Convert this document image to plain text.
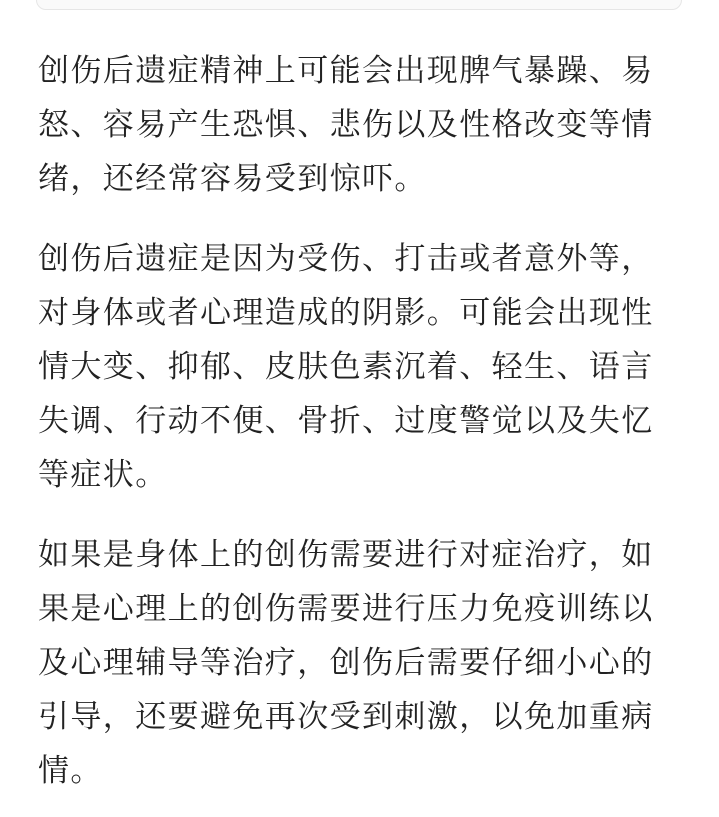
创伤后遗症精神上可能会出现脾气暴躁、易怒、容易产生恐惧、悲伤以及性格改变等情绪，还经常容易受到惊吓。

创伤后遗症是因为受伤、打击或者意外等，对身体或者心理造成的阴影。可能会出现性情大变、抑郁、皮肤色素沉着、轻生、语言失调、行动不便、骨折、过度警觉以及失忆等症状。

如果是身体上的创伤需要进行对症治疗，如果是心理上的创伤需要进行压力免疫训练以及心理辅导等治疗，创伤后需要仔细小心的引导，还要避免再次受到刺激，以免加重病情。
